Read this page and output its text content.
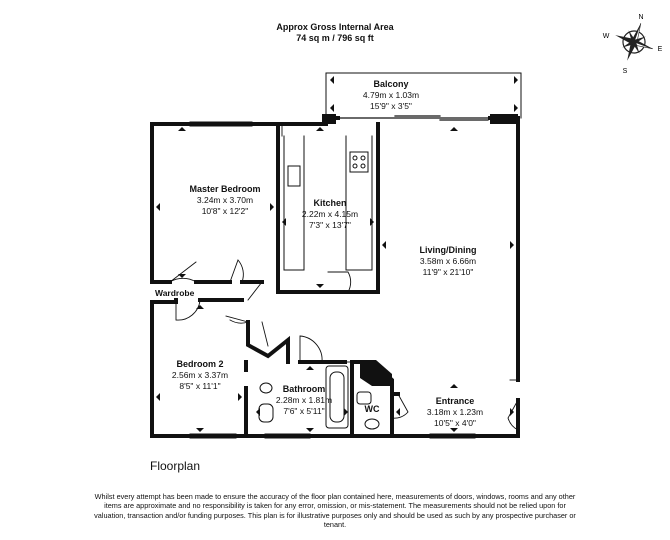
Approx Gross Internal Area
74 sq m / 796 sq ft
N
E
S
W
Balcony
4.79m x 1.03m
15'9" x 3'5"
Master Bedroom
3.24m x 3.70m
10'8" x 12'2"
Kitchen
2.22m x 4.15m
7'3" x 13'7"
Living/Dining
3.58m x 6.66m
11'9" x 21'10"
Wardrobe
Bedroom 2
2.56m x 3.37m
8'5" x 11'1"	Bathroom
2.28m x 1.81m
7'6" x 5'11"	WC
Entrance
3.18m x 1.23m
10'5" x 4'0"
Floorplan
Whilst every attempt has been made to ensure the accuracy of the floor plan contained here, measurements of doors, windows, rooms and any other items are approximate and no responsibility is taken for any error, omission, or mis-statement. The measurements should not be relied upon for valuation, transaction and/or funding purposes. This plan is for illustrative purposes only and should be used as such by any prospective purchaser or tenant.
